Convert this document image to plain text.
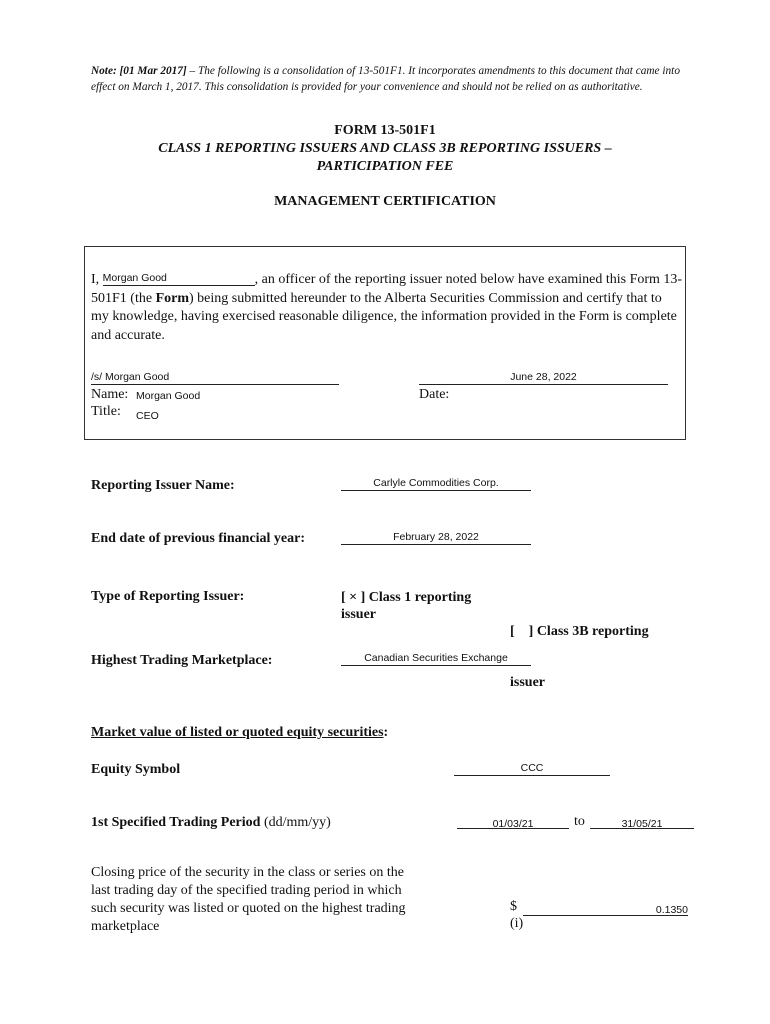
Note: [01 Mar 2017] – The following is a consolidation of 13-501F1. It incorporates amendments to this document that came into effect on March 1, 2017. This consolidation is provided for your convenience and should not be relied on as authoritative.
FORM 13-501F1
CLASS 1 REPORTING ISSUERS AND CLASS 3B REPORTING ISSUERS –
PARTICIPATION FEE
MANAGEMENT CERTIFICATION
I, Morgan Good	, an officer of the reporting issuer noted below have examined this Form 13-501F1 (the Form) being submitted hereunder to the Alberta Securities Commission and certify that to my knowledge, having exercised reasonable diligence, the information provided in the Form is complete and accurate.
/s/ Morgan Good	June 28, 2022
Name: Morgan Good
Title: CEO
Date:
Reporting Issuer Name:	Carlyle Commodities Corp.
End date of previous financial year:	February 28, 2022
Type of Reporting Issuer:	[ × ] Class 1 reporting
issuer

[    ] Class 3B reporting

issuer

Highest Trading Marketplace:	Canadian Securities Exchange
Market value of listed or quoted equity securities:
Equity Symbol	CCC
1st Specified Trading Period (dd/mm/yy)	01/03/21	to	31/05/21
Closing price of the security in the class or series on the
last trading day of the specified trading period in which
such security was listed or quoted on the highest trading
marketplace
$	0.1350
(i)
